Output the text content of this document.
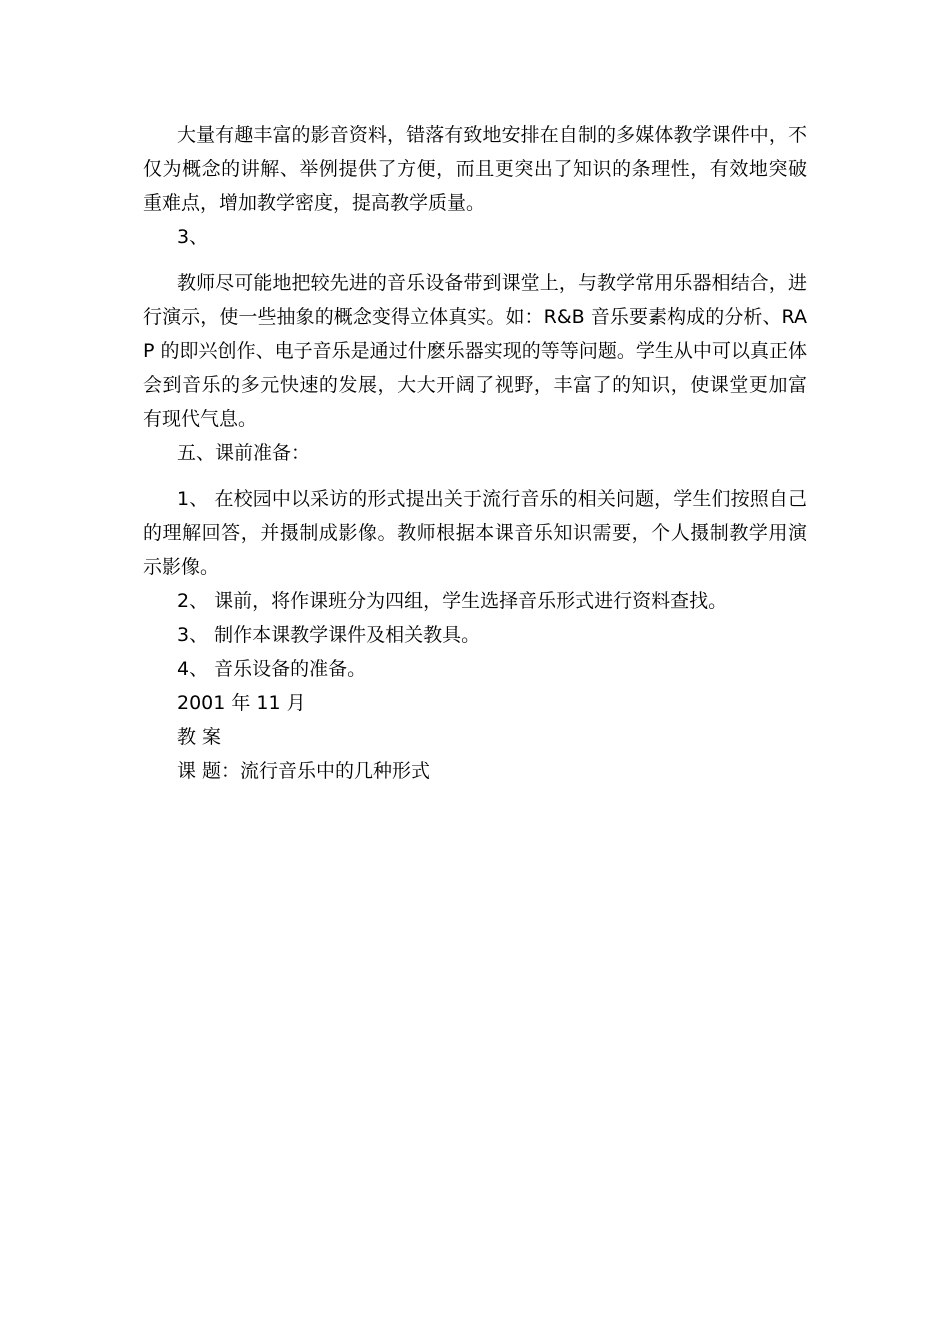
大量有趣丰富的影音资料，错落有致地安排在自制的多媒体教学课件中，不仅为概念的讲解、举例提供了方便，而且更突出了知识的条理性，有效地突破重难点，增加教学密度，提高教学质量。

3、

教师尽可能地把较先进的音乐设备带到课堂上，与教学常用乐器相结合，进行演示，使一些抽象的概念变得立体真实。如：R&B 音乐要素构成的分析、RAP 的即兴创作、电子音乐是通过什麽乐器实现的等等问题。学生从中可以真正体会到音乐的多元快速的发展，大大开阔了视野，丰富了的知识，使课堂更加富有现代气息。

五、课前准备：

1、 在校园中以采访的形式提出关于流行音乐的相关问题，学生们按照自己的理解回答，并摄制成影像。教师根据本课音乐知识需要，个人摄制教学用演示影像。

2、 课前，将作课班分为四组，学生选择音乐形式进行资料查找。

3、 制作本课教学课件及相关教具。

4、 音乐设备的准备。

2001 年 11 月

教 案

课 题：流行音乐中的几种形式
